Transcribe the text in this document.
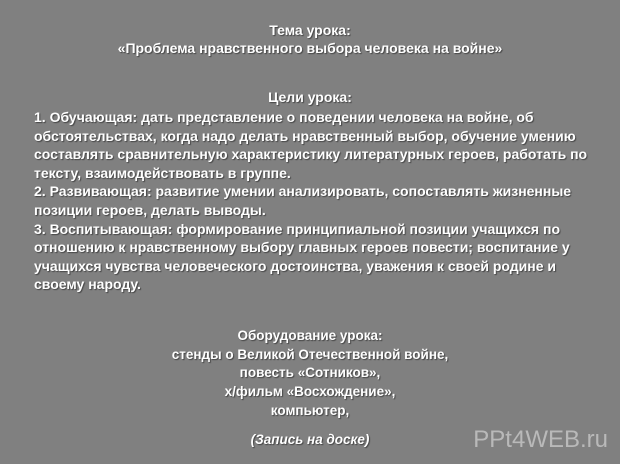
Тема урока:
«Проблема нравственного выбора человека на войне»
Цели урока:

1. Обучающая: дать представление о поведении человека на войне, об обстоятельствах, когда надо делать нравственный выбор, обучение умению составлять сравнительную характеристику литературных героев, работать по тексту, взаимодействовать в группе.

2. Развивающая: развитие умении анализировать, сопоставлять жизненные позиции героев, делать выводы.

3. Воспитывающая: формирование принципиальной позиции учащихся по отношению к нравственному выбору главных героев повести; воспитание у учащихся чувства человеческого достоинства, уважения к своей родине и своему народу.

Оборудование урока:
стенды о Великой Отечественной войне,
повесть «Сотников»,
х/фильм «Восхождение»,
компьютер,
(Запись на доске)	PPt4WEB.ru
